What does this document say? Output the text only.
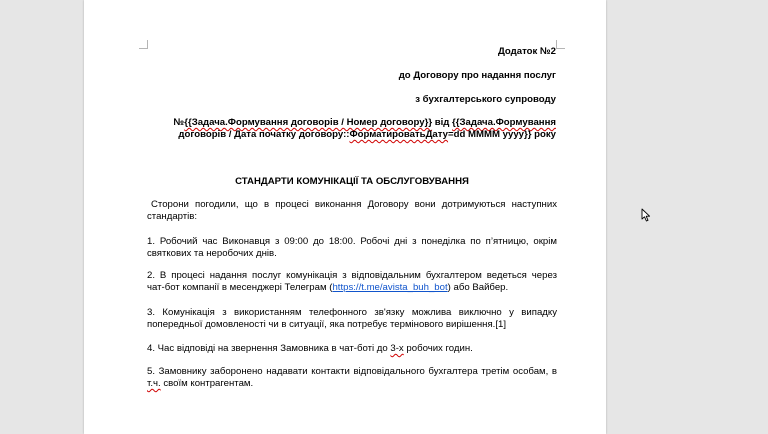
Додаток №2
до Договору про надання послуг
з бухгалтерського супроводу
№{{Задача.Формування договорів / Номер договору}} від {{Задача.Формування
договорів / Дата початку договору::ФорматироватьДату=dd MMMM yyyy}} року
СТАНДАРТИ КОМУНІКАЦІЇ ТА ОБСЛУГОВУВАННЯ
Сторони погодили, що в процесі виконання Договору вони дотримуються наступних
стандартів:
1. Робочий час Виконавця з 09:00 до 18:00. Робочі дні з понеділка по п’ятницю, окрім
святкових та неробочих днів.
2. В процесі надання послуг комунікація з відповідальним бухгалтером ведеться через
чат-бот компанії в месенджері Телеграм (https://t.me/avista_buh_bot) або Вайбер.
3. Комунікація з використанням телефонного зв'язку можлива виключно у випадку
попередньої домовленості чи в ситуації, яка потребує термінового вирішення.[1]
4. Час відповіді на звернення Замовника в чат-боті до 3-х робочих годин.
5. Замовнику заборонено надавати контакти відповідального бухгалтера третім особам, в
т.ч. своїм контрагентам.
